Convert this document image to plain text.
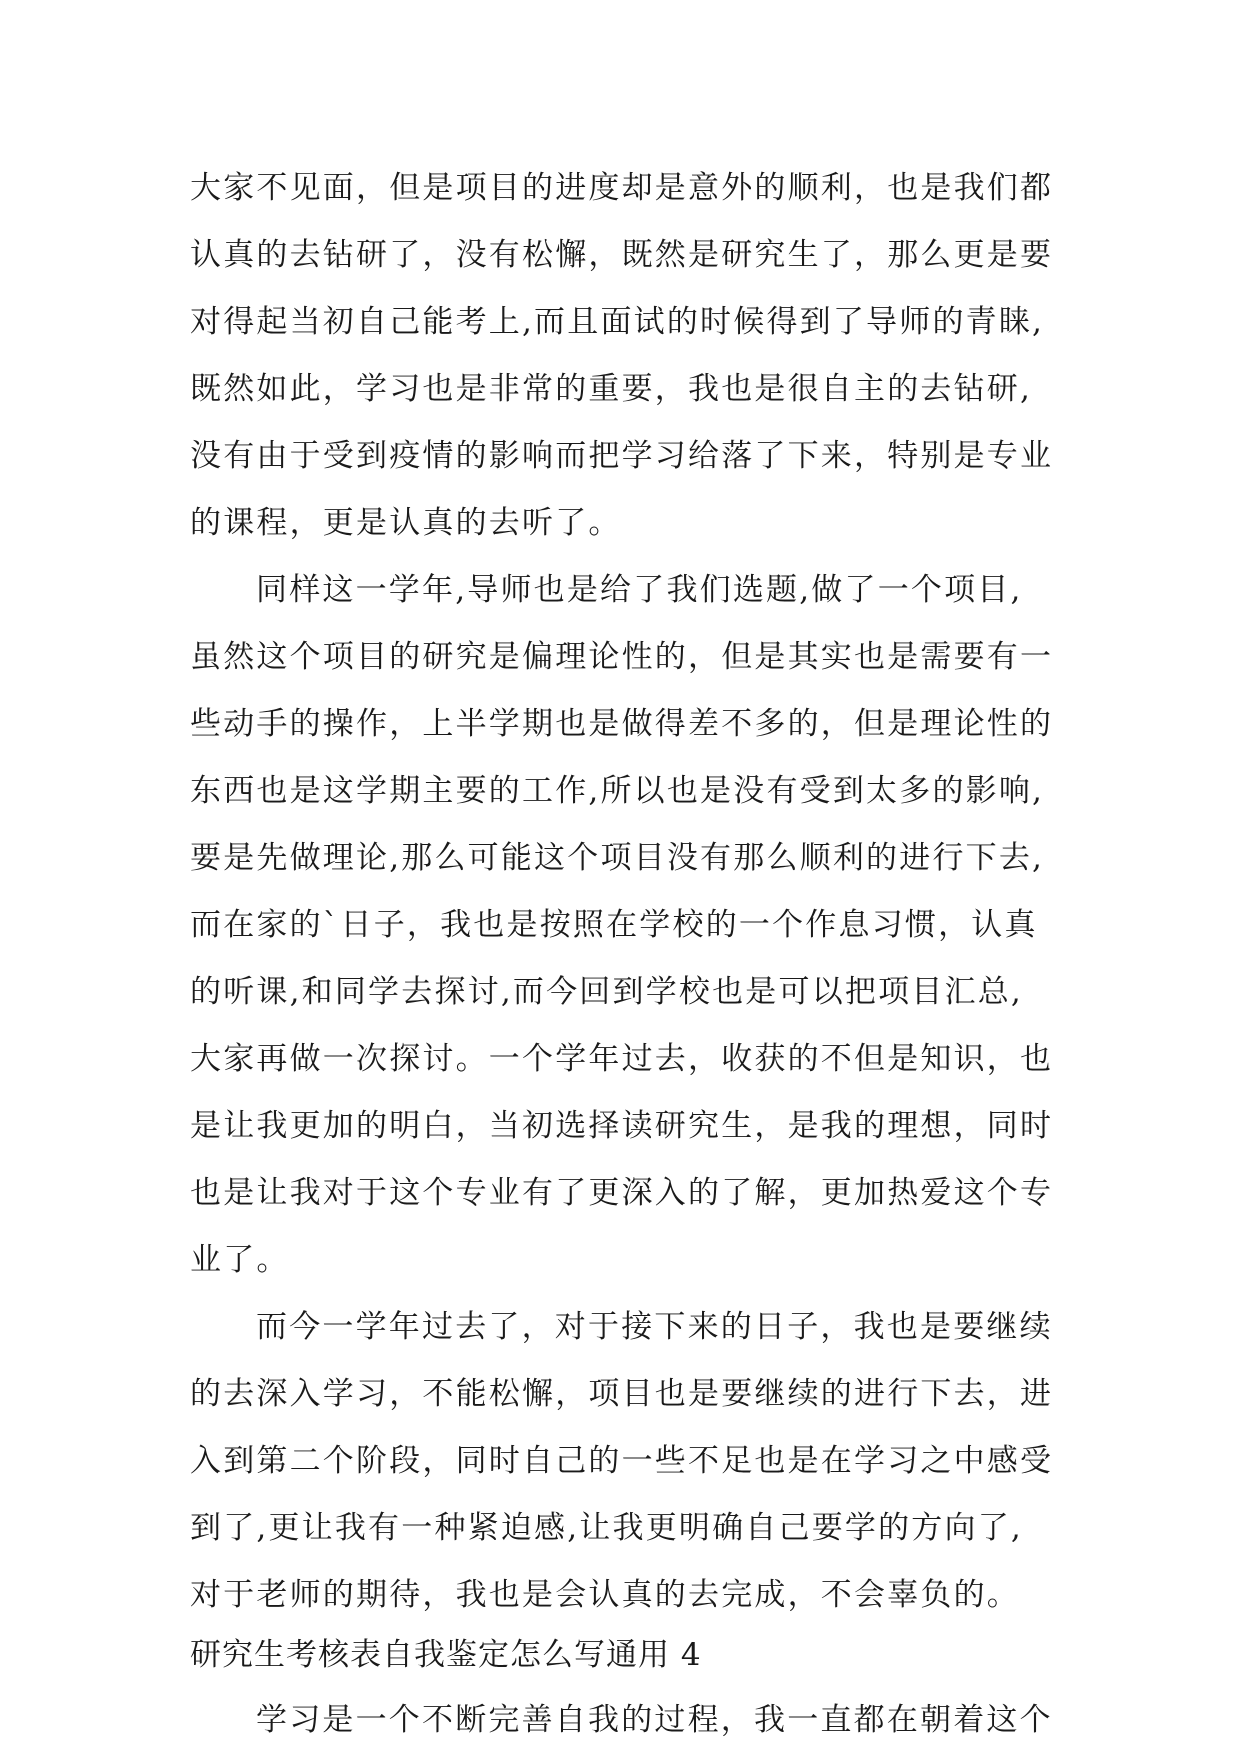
大家不见面，但是项目的进度却是意外的顺利，也是我们都
认真的去钻研了，没有松懈，既然是研究生了，那么更是要
对得起当初自己能考上,而且面试的时候得到了导师的青睐,
既然如此，学习也是非常的重要，我也是很自主的去钻研,
没有由于受到疫情的影响而把学习给落了下来，特别是专业
的课程，更是认真的去听了。
同样这一学年,导师也是给了我们选题,做了一个项目,
虽然这个项目的研究是偏理论性的，但是其实也是需要有一
些动手的操作，上半学期也是做得差不多的，但是理论性的
东西也是这学期主要的工作,所以也是没有受到太多的影响,
要是先做理论,那么可能这个项目没有那么顺利的进行下去,
而在家的`日子，我也是按照在学校的一个作息习惯，认真
的听课,和同学去探讨,而今回到学校也是可以把项目汇总,
大家再做一次探讨。一个学年过去，收获的不但是知识，也
是让我更加的明白，当初选择读研究生，是我的理想，同时
也是让我对于这个专业有了更深入的了解，更加热爱这个专
业了。
而今一学年过去了，对于接下来的日子，我也是要继续
的去深入学习，不能松懈，项目也是要继续的进行下去，进
入到第二个阶段，同时自己的一些不足也是在学习之中感受
到了,更让我有一种紧迫感,让我更明确自己要学的方向了,
对于老师的期待，我也是会认真的去完成，不会辜负的。
研究生考核表自我鉴定怎么写通用 4
学习是一个不断完善自我的过程，我一直都在朝着这个
